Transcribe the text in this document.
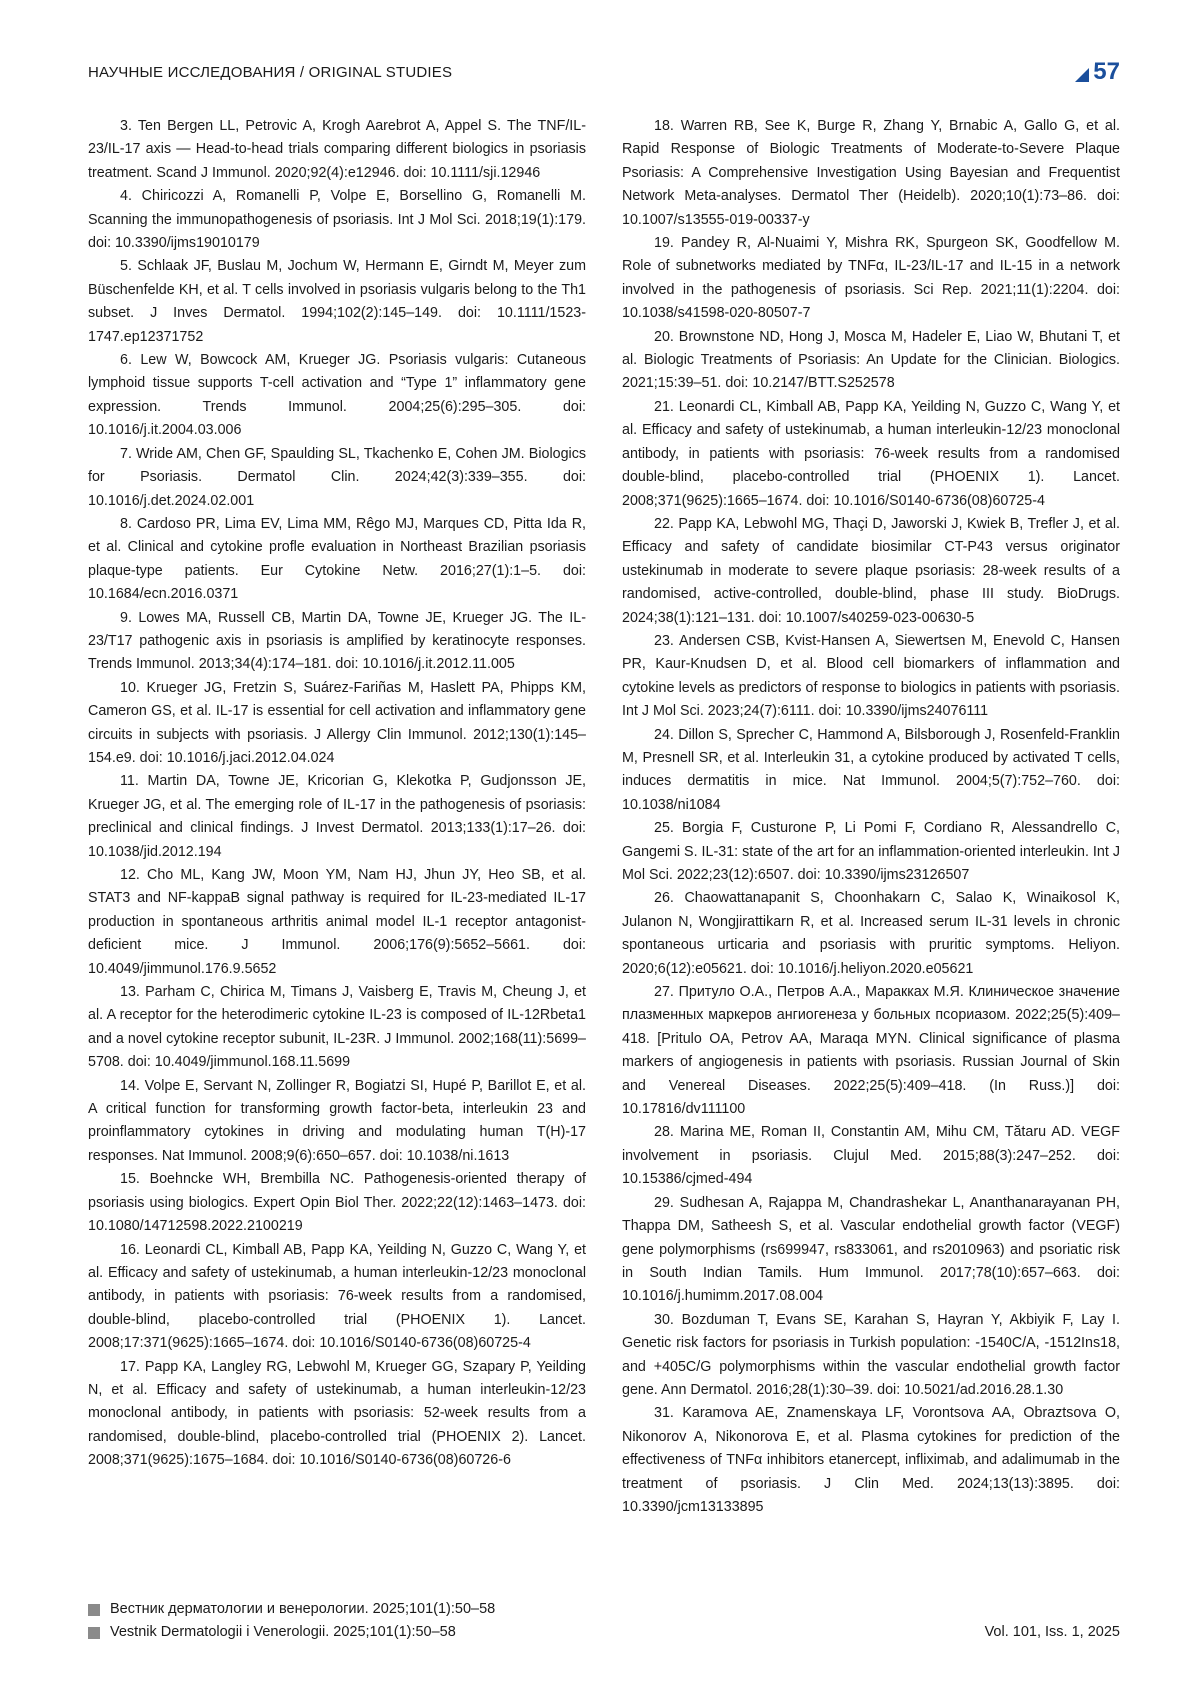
НАУЧНЫЕ ИССЛЕДОВАНИЯ / ORIGINAL STUDIES	57

3. Ten Bergen LL, Petrovic A, Krogh Aarebrot A, Appel S. The TNF/IL-23/IL-17 axis — Head-to-head trials comparing different biologics in psoriasis treatment. Scand J Immunol. 2020;92(4):e12946. doi: 10.1111/sji.12946

4. Chiricozzi A, Romanelli P, Volpe E, Borsellino G, Romanelli M. Scanning the immunopathogenesis of psoriasis. Int J Mol Sci. 2018;19(1):179. doi: 10.3390/ijms19010179

5. Schlaak JF, Buslau M, Jochum W, Hermann E, Girndt M, Meyer zum Büschenfelde KH, et al. T cells involved in psoriasis vulgaris belong to the Th1 subset. J Inves Dermatol. 1994;102(2):145–149. doi: 10.1111/1523-1747.ep12371752

6. Lew W, Bowcock AM, Krueger JG. Psoriasis vulgaris: Cutaneous lymphoid tissue supports T-cell activation and “Type 1” inflammatory gene expression. Trends Immunol. 2004;25(6):295–305. doi: 10.1016/j.it.2004.03.006

7. Wride AM, Chen GF, Spaulding SL, Tkachenko E, Cohen JM. Biologics for Psoriasis. Dermatol Clin. 2024;42(3):339–355. doi: 10.1016/j.det.2024.02.001

8. Cardoso PR, Lima EV, Lima MM, Rêgo MJ, Marques CD, Pitta Ida R, et al. Clinical and cytokine profle evaluation in Northeast Brazilian psoriasis plaque-type patients. Eur Cytokine Netw. 2016;27(1):1–5. doi: 10.1684/ecn.2016.0371

9. Lowes MA, Russell CB, Martin DA, Towne JE, Krueger JG. The IL-23/T17 pathogenic axis in psoriasis is amplified by keratinocyte responses. Trends Immunol. 2013;34(4):174–181. doi: 10.1016/j.it.2012.11.005

10. Krueger JG, Fretzin S, Suárez-Fariñas M, Haslett PA, Phipps KM, Cameron GS, et al. IL-17 is essential for cell activation and inflammatory gene circuits in subjects with psoriasis. J Allergy Clin Immunol. 2012;130(1):145–154.e9. doi: 10.1016/j.jaci.2012.04.024

11. Martin DA, Towne JE, Kricorian G, Klekotka P, Gudjonsson JE, Krueger JG, et al. The emerging role of IL-17 in the pathogenesis of psoriasis: preclinical and clinical findings. J Invest Dermatol. 2013;133(1):17–26. doi: 10.1038/jid.2012.194

12. Cho ML, Kang JW, Moon YM, Nam HJ, Jhun JY, Heo SB, et al. STAT3 and NF-kappaB signal pathway is required for IL-23-mediated IL-17 production in spontaneous arthritis animal model IL-1 receptor antagonist-deficient mice. J Immunol. 2006;176(9):5652–5661. doi: 10.4049/jimmunol.176.9.5652

13. Parham C, Chirica M, Timans J, Vaisberg E, Travis M, Cheung J, et al. A receptor for the heterodimeric cytokine IL-23 is composed of IL-12Rbeta1 and a novel cytokine receptor subunit, IL-23R. J Immunol. 2002;168(11):5699–5708. doi: 10.4049/jimmunol.168.11.5699

14. Volpe E, Servant N, Zollinger R, Bogiatzi SI, Hupé P, Barillot E, et al. A critical function for transforming growth factor-beta, interleukin 23 and proinflammatory cytokines in driving and modulating human T(H)-17 responses. Nat Immunol. 2008;9(6):650–657. doi: 10.1038/ni.1613

15. Boehncke WH, Brembilla NC. Pathogenesis-oriented therapy of psoriasis using biologics. Expert Opin Biol Ther. 2022;22(12):1463–1473. doi: 10.1080/14712598.2022.2100219

16. Leonardi CL, Kimball AB, Papp KA, Yeilding N, Guzzo C, Wang Y, et al. Efficacy and safety of ustekinumab, a human interleukin-12/23 monoclonal antibody, in patients with psoriasis: 76-week results from a randomised, double-blind, placebo-controlled trial (PHOENIX 1). Lancet. 2008;17:371(9625):1665–1674. doi: 10.1016/S0140-6736(08)60725-4

17. Papp KA, Langley RG, Lebwohl M, Krueger GG, Szapary P, Yeilding N, et al. Efficacy and safety of ustekinumab, a human interleukin-12/23 monoclonal antibody, in patients with psoriasis: 52-week results from a randomised, double-blind, placebo-controlled trial (PHOENIX 2). Lancet. 2008;371(9625):1675–1684. doi: 10.1016/S0140-6736(08)60726-6

18. Warren RB, See K, Burge R, Zhang Y, Brnabic A, Gallo G, et al. Rapid Response of Biologic Treatments of Moderate-to-Severe Plaque Psoriasis: A Comprehensive Investigation Using Bayesian and Frequentist Network Meta-analyses. Dermatol Ther (Heidelb). 2020;10(1):73–86. doi: 10.1007/s13555-019-00337-y

19. Pandey R, Al-Nuaimi Y, Mishra RK, Spurgeon SK, Goodfellow M. Role of subnetworks mediated by TNFα, IL-23/IL-17 and IL-15 in a network involved in the pathogenesis of psoriasis. Sci Rep. 2021;11(1):2204. doi: 10.1038/s41598-020-80507-7

20. Brownstone ND, Hong J, Mosca M, Hadeler E, Liao W, Bhutani T, et al. Biologic Treatments of Psoriasis: An Update for the Clinician. Biologics. 2021;15:39–51. doi: 10.2147/BTT.S252578

21. Leonardi CL, Kimball AB, Papp KA, Yeilding N, Guzzo C, Wang Y, et al. Efficacy and safety of ustekinumab, a human interleukin-12/23 monoclonal antibody, in patients with psoriasis: 76-week results from a randomised double-blind, placebo-controlled trial (PHOENIX 1). Lancet. 2008;371(9625):1665–1674. doi: 10.1016/S0140-6736(08)60725-4

22. Papp KA, Lebwohl MG, Thaçi D, Jaworski J, Kwiek B, Trefler J, et al. Efficacy and safety of candidate biosimilar CT-P43 versus originator ustekinumab in moderate to severe plaque psoriasis: 28-week results of a randomised, active-controlled, double-blind, phase III study. BioDrugs. 2024;38(1):121–131. doi: 10.1007/s40259-023-00630-5

23. Andersen CSB, Kvist-Hansen A, Siewertsen M, Enevold C, Hansen PR, Kaur-Knudsen D, et al. Blood cell biomarkers of inflammation and cytokine levels as predictors of response to biologics in patients with psoriasis. Int J Mol Sci. 2023;24(7):6111. doi: 10.3390/ijms24076111

24. Dillon S, Sprecher C, Hammond A, Bilsborough J, Rosenfeld-Franklin M, Presnell SR, et al. Interleukin 31, a cytokine produced by activated T cells, induces dermatitis in mice. Nat Immunol. 2004;5(7):752–760. doi: 10.1038/ni1084

25. Borgia F, Custurone P, Li Pomi F, Cordiano R, Alessandrello C, Gangemi S. IL-31: state of the art for an inflammation-oriented interleukin. Int J Mol Sci. 2022;23(12):6507. doi: 10.3390/ijms23126507

26. Chaowattanapanit S, Choonhakarn C, Salao K, Winaikosol K, Julanon N, Wongjirattikarn R, et al. Increased serum IL-31 levels in chronic spontaneous urticaria and psoriasis with pruritic symptoms. Heliyon. 2020;6(12):e05621. doi: 10.1016/j.heliyon.2020.e05621

27. Притуло О.А., Петров А.А., Маракках М.Я. Клиническое значение плазменных маркеров ангиогенеза у больных псориазом. 2022;25(5):409–418. [Pritulo OA, Petrov AA, Maraqa MYN. Clinical significance of plasma markers of angiogenesis in patients with psoriasis. Russian Journal of Skin and Venereal Diseases. 2022;25(5):409–418. (In Russ.)] doi: 10.17816/dv111100

28. Marina ME, Roman II, Constantin AM, Mihu CM, Tătaru AD. VEGF involvement in psoriasis. Clujul Med. 2015;88(3):247–252. doi: 10.15386/cjmed-494

29. Sudhesan A, Rajappa M, Chandrashekar L, Ananthanarayanan PH, Thappa DM, Satheesh S, et al. Vascular endothelial growth factor (VEGF) gene polymorphisms (rs699947, rs833061, and rs2010963) and psoriatic risk in South Indian Tamils. Hum Immunol. 2017;78(10):657–663. doi: 10.1016/j.humimm.2017.08.004

30. Bozduman T, Evans SE, Karahan S, Hayran Y, Akbiyik F, Lay I. Genetic risk factors for psoriasis in Turkish population: -1540C/A, -1512Ins18, and +405C/G polymorphisms within the vascular endothelial growth factor gene. Ann Dermatol. 2016;28(1):30–39. doi: 10.5021/ad.2016.28.1.30

31. Karamova AE, Znamenskaya LF, Vorontsova AA, Obraztsova O, Nikonorov A, Nikonorova E, et al. Plasma cytokines for prediction of the effectiveness of TNFα inhibitors etanercept, infliximab, and adalimumab in the treatment of psoriasis. J Clin Med. 2024;13(13):3895. doi: 10.3390/jcm13133895

Вестник дерматологии и венерологии. 2025;101(1):50–58
Vestnik Dermatologii i Venerologii. 2025;101(1):50–58	Vol. 101, Iss. 1, 2025
